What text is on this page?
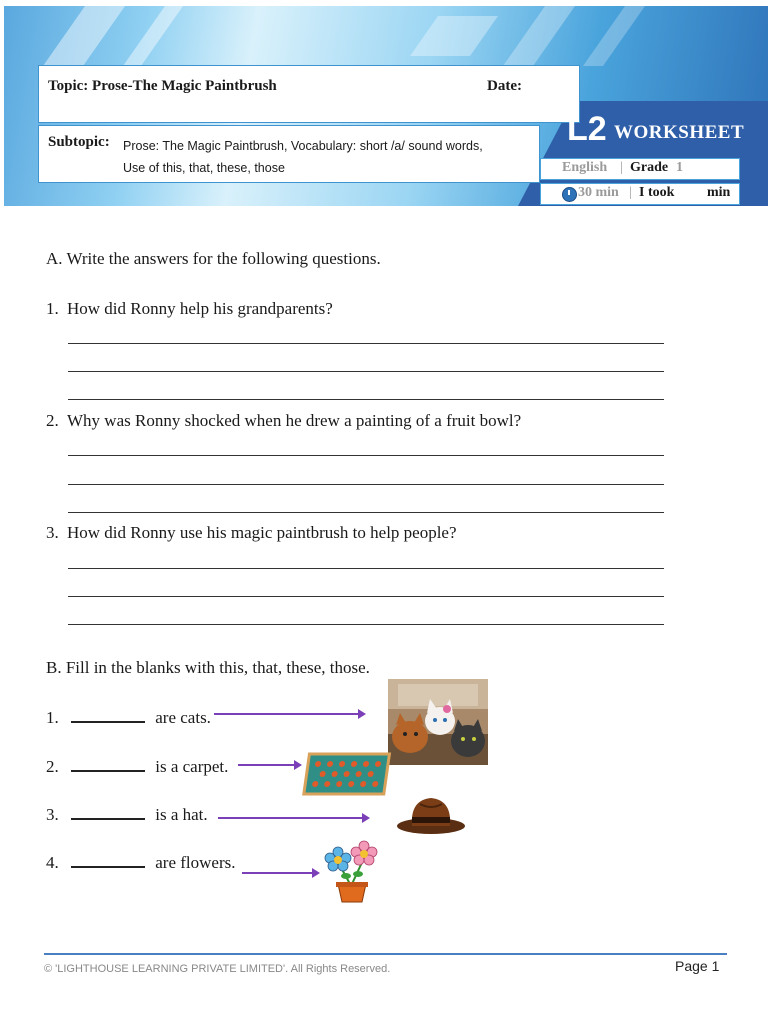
Topic: Prose-The Magic Paintbrush	Date:
Subtopic: Prose: The Magic Paintbrush, Vocabulary: short /a/ sound words,
Use of this, that, these, those
L2 WORKSHEET
English | Grade 1
30 min | I took min
A. Write the answers for the following questions.
1. How did Ronny help his grandparents?
2. Why was Ronny shocked when he drew a painting of a fruit bowl?
3. How did Ronny use his magic paintbrush to help people?
B. Fill in the blanks with this, that, these, those.
1.	are cats.
2.	is a carpet.
3.	is a hat.
4.	are flowers.
© 'LIGHTHOUSE LEARNING PRIVATE LIMITED'. All Rights Reserved.	Page 1
